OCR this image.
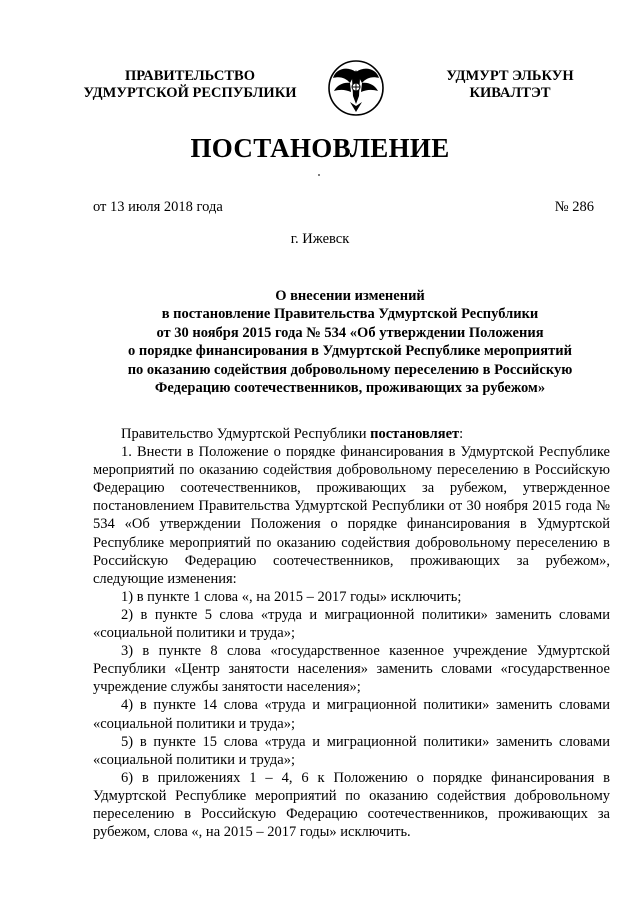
ПРАВИТЕЛЬСТВО
УДМУРТСКОЙ РЕСПУБЛИКИ
УДМУРТ ЭЛЬКУН
КИВАЛТЭТ
ПОСТАНОВЛЕНИЕ
от 13 июля 2018 года	№ 286
г. Ижевск
О внесении изменений
в постановление Правительства Удмуртской Республики
от 30 ноября 2015 года № 534 «Об утверждении Положения
о порядке финансирования в Удмуртской Республике мероприятий
по оказанию содействия добровольному переселению в Российскую
Федерацию соотечественников, проживающих за рубежом»

Правительство Удмуртской Республики постановляет:

1. Внести в Положение о порядке финансирования в Удмуртской Республике мероприятий по оказанию содействия добровольному переселению в Российскую Федерацию соотечественников, проживающих за рубежом, утвержденное постановлением Правительства Удмуртской Республики от 30 ноября 2015 года № 534 «Об утверждении Положения о порядке финансирования в Удмуртской Республике мероприятий по оказанию содействия добровольному переселению в Российскую Федерацию соотечественников, проживающих за рубежом», следующие изменения:

1) в пункте 1 слова «, на 2015 – 2017 годы» исключить;

2) в пункте 5 слова «труда и миграционной политики» заменить словами «социальной политики и труда»;

3) в пункте 8 слова «государственное казенное учреждение Удмуртской Республики «Центр занятости населения» заменить словами «государственное учреждение службы занятости населения»;

4) в пункте 14 слова «труда и миграционной политики» заменить словами «социальной политики и труда»;

5) в пункте 15 слова «труда и миграционной политики» заменить словами «социальной политики и труда»;

6) в приложениях 1 – 4, 6 к Положению о порядке финансирования в Удмуртской Республике мероприятий по оказанию содействия добровольному переселению в Российскую Федерацию соотечественников, проживающих за рубежом, слова «, на 2015 – 2017 годы» исключить.
